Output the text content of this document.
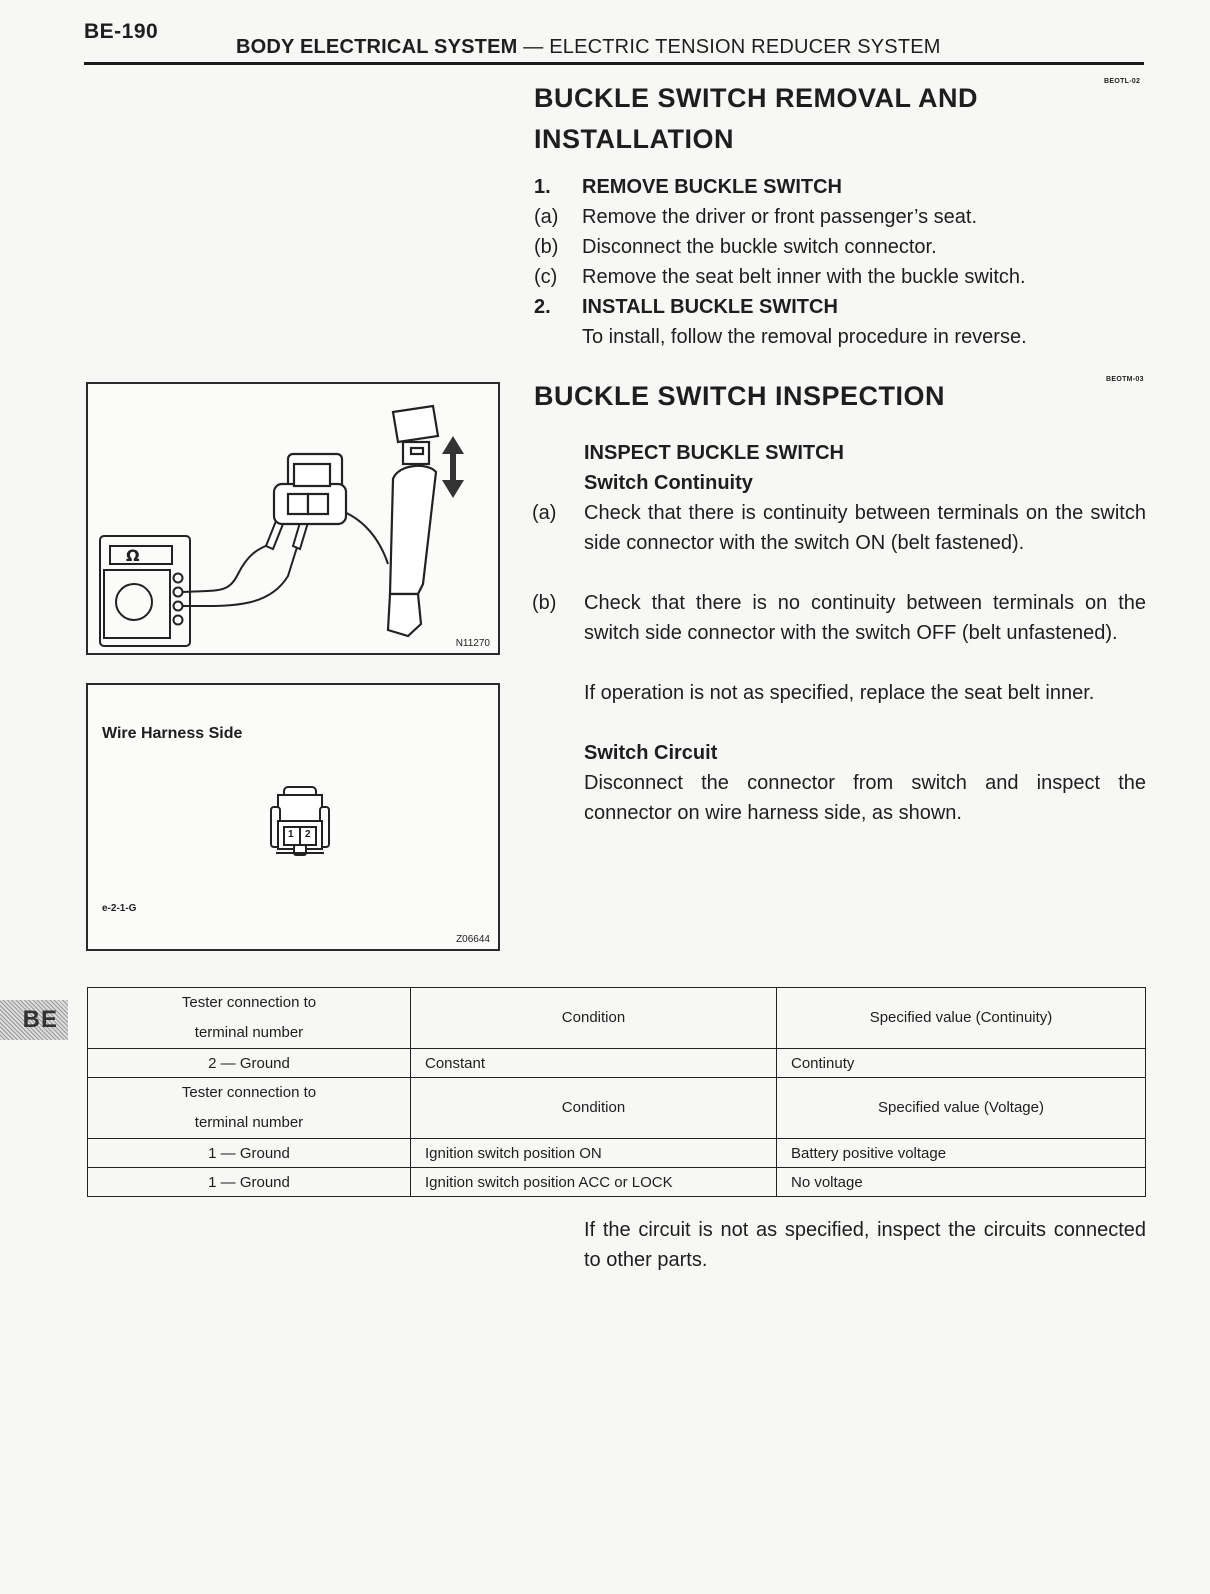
BE-190
BODY ELECTRICAL SYSTEM — ELECTRIC TENSION REDUCER SYSTEM
BEOTL-02
BUCKLE SWITCH REMOVAL AND
INSTALLATION
1. REMOVE BUCKLE SWITCH
(a) Remove the driver or front passenger’s seat.
(b) Disconnect the buckle switch connector.
(c) Remove the seat belt inner with the buckle switch.
2. INSTALL BUCKLE SWITCH
To install, follow the removal procedure in reverse.
BEOTM-03
BUCKLE SWITCH INSPECTION
INSPECT BUCKLE SWITCH
Switch Continuity
(a) Check that there is continuity between terminals on the switch side connector with the switch ON (belt fastened).
(b) Check that there is no continuity between terminals on the switch side connector with the switch OFF (belt unfastened).
If operation is not as specified, replace the seat belt inner.
Switch Circuit
Disconnect the connector from switch and inspect the connector on wire harness side, as shown.
Ω
N11270
Wire Harness Side
1 2
e-2-1-G
Z06644
BE
Tester connection to
terminal number	Condition	Specified value (Continuity)
2 — Ground	Constant	Continuty

Tester connection to
terminal number	Condition	Specified value (Voltage)
1 — Ground	Ignition switch position ON	Battery positive voltage
1 — Ground	Ignition switch position ACC or LOCK	No voltage
If the circuit is not as specified, inspect the circuits connected to other parts.
